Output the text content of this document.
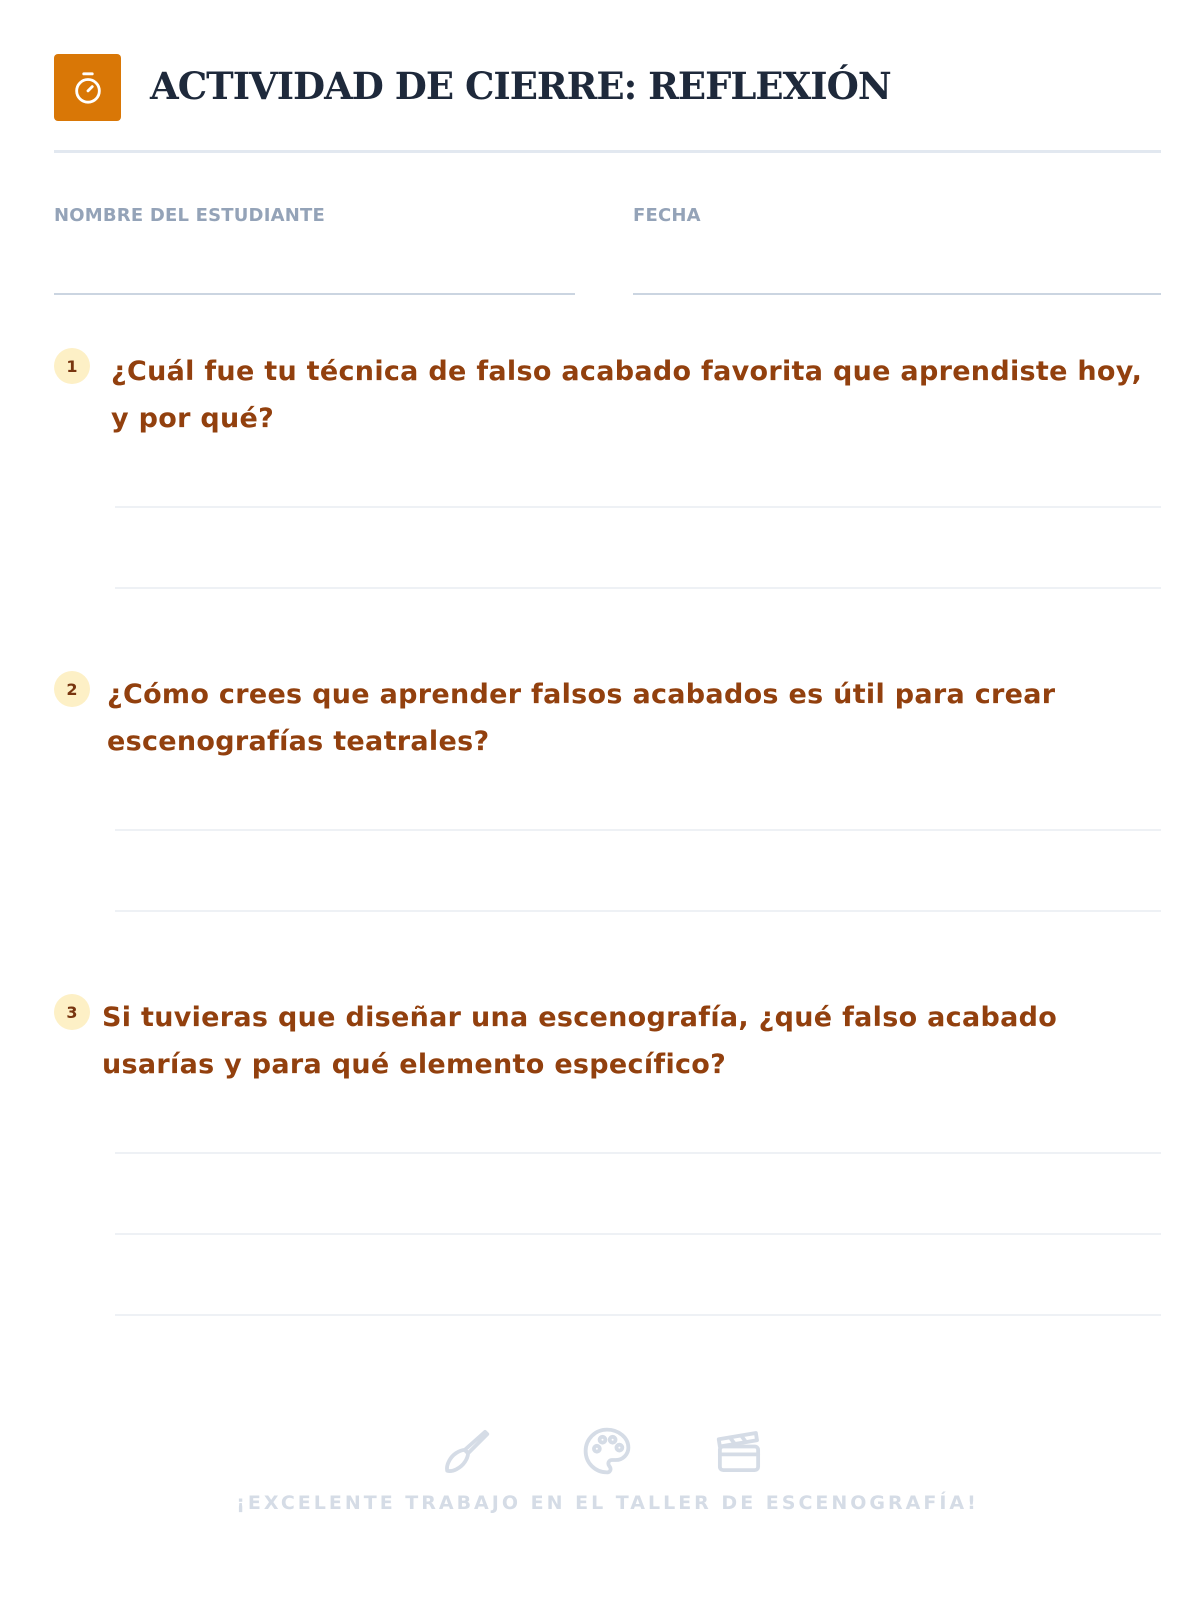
ACTIVIDAD DE CIERRE: REFLEXIÓN
NOMBRE DEL ESTUDIANTE	FECHA
1	¿Cuál fue tu técnica de falso acabado favorita que aprendiste hoy, y por qué?
2	¿Cómo crees que aprender falsos acabados es útil para crear escenografías teatrales?
3 Si tuvieras que diseñar una escenografía, ¿qué falso acabado usarías y para qué elemento específico?
¡EXCELENTE TRABAJO EN EL TALLER DE ESCENOGRAFÍA!
